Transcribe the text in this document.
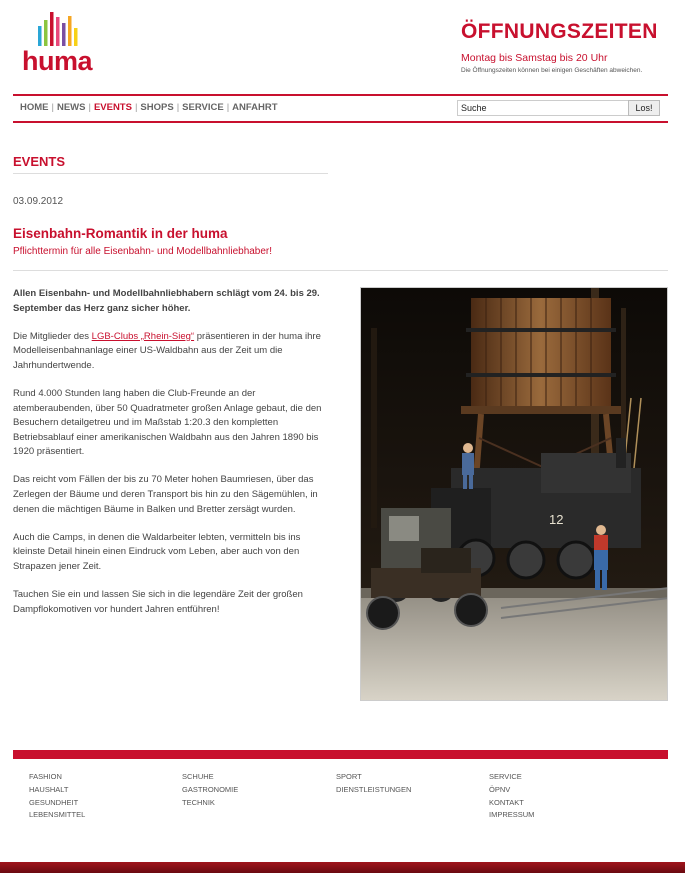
huma
ÖFFNUNGSZEITEN
Montag bis Samstag bis 20 Uhr
Die Öffnungszeiten können bei einigen Geschäften abweichen.
HOME | NEWS | EVENTS | SHOPS | SERVICE | ANFAHRT
Suche	Los!
EVENTS
03.09.2012
Eisenbahn-Romantik in der huma
Pflichttermin für alle Eisenbahn- und Modellbahnliebhaber!

Allen Eisenbahn- und Modellbahnliebhabern schlägt vom 24. bis 29. September das Herz ganz sicher höher.

Die Mitglieder des LGB-Clubs „Rhein-Sieg“ präsentieren in der huma ihre Modelleisenbahnanlage einer US-Waldbahn aus der Zeit um die Jahrhundertwende.

Rund 4.000 Stunden lang haben die Club-Freunde an der atemberaubenden, über 50 Quadratmeter großen Anlage gebaut, die den Besuchern detailgetreu und im Maßstab 1:20.3 den kompletten Betriebsablauf einer amerikanischen Waldbahn aus den Jahren 1890 bis 1920 präsentiert.

Das reicht vom Fällen der bis zu 70 Meter hohen Baumriesen, über das Zerlegen der Bäume und deren Transport bis hin zu den Sägemühlen, in denen die mächtigen Bäume in Balken und Bretter zersägt wurden.

Auch die Camps, in denen die Waldarbeiter lebten, vermitteln bis ins kleinste Detail hinein einen Eindruck vom Leben, aber auch von den Strapazen jener Zeit.

Tauchen Sie ein und lassen Sie sich in die legendäre Zeit der großen Dampflokomotiven vor hundert Jahren entführen!

12
FASHION
HAUSHALT
GESUNDHEIT
LEBENSMITTEL
SCHUHE
GASTRONOMIE
TECHNIK
SPORT
DIENSTLEISTUNGEN
SERVICE
ÖPNV
KONTAKT
IMPRESSUM
